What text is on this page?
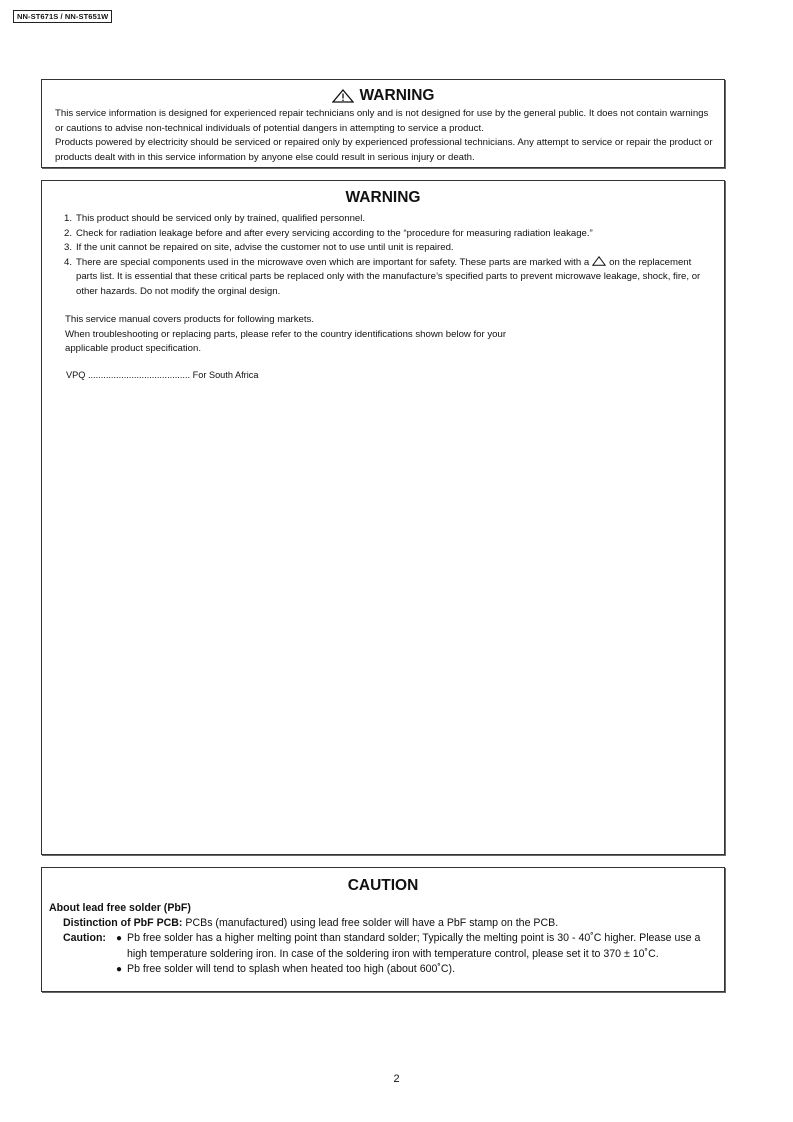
NN-ST671S / NN-ST651W
WARNING
This service information is designed for experienced repair technicians only and is not designed for use by the general public. It does not contain warnings or cautions to advise non-technical individuals of potential dangers in attempting to service a product.
Products powered by electricity should be serviced or repaired only by experienced professional technicians. Any attempt to service or repair the product or products dealt with in this service information by anyone else could result in serious injury or death.
WARNING
1. This product should be serviced only by trained, qualified personnel.
2. Check for radiation leakage before and after every servicing according to the “procedure for measuring radiation leakage.”
3. If the unit cannot be repaired on site, advise the customer not to use until unit is repaired.
4. There are special components used in the microwave oven which are important for safety. These parts are marked with a on the replacement parts list. It is essential that these critical parts be replaced only with the manufacture’s specified parts to prevent microwave leakage, shock, fire, or other hazards. Do not modify the orginal design.
This service manual covers products for following markets.
When troubleshooting or replacing parts, please refer to the country identifications shown below for your
applicable product specification.
VPQ ........................................ For South Africa
CAUTION
About lead free solder (PbF)
Distinction of PbF PCB: PCBs (manufactured) using lead free solder will have a PbF stamp on the PCB.
Caution:	● Pb free solder has a higher melting point than standard solder; Typically the melting point is 30 - 40˚C higher. Please use a high temperature soldering iron. In case of the soldering iron with temperature control, please set it to 370 ± 10˚C.
● Pb free solder will tend to splash when heated too high (about 600˚C).
2
